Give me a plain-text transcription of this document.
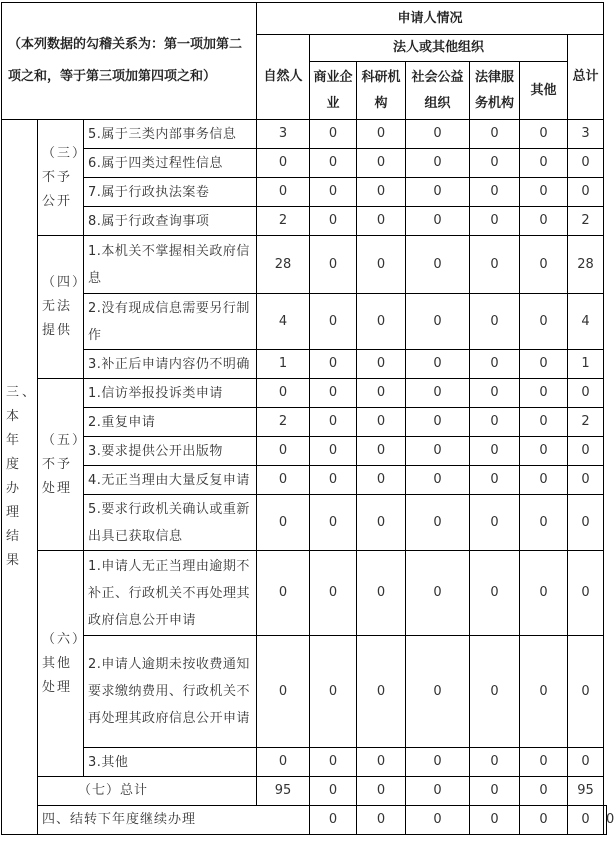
（本列数据的勾稽关系为：第一项加第二项之和，等于第三项加第四项之和）			申请人情况							
			自然人	法人或其他组织					总计	
				商业企业	科研机构	社会公益组织	法律服务机构	其他		
三、本年度办理结果	（三）不予公开	5.属于三类内部事务信息	3	0	0	0	0	0	3	
		6.属于四类过程性信息	0	0	0	0	0	0	0	
		7.属于行政执法案卷	0	0	0	0	0	0	0	
		8.属于行政查询事项	2	0	0	0	0	0	2	
	（四）无法提供	1.本机关不掌握相关政府信息	28	0	0	0	0	0	28	
		2.没有现成信息需要另行制作	4	0	0	0	0	0	4	
		3.补正后申请内容仍不明确	1	0	0	0	0	0	1	
	（五）不予处理	1.信访举报投诉类申请	0	0	0	0	0	0	0	
		2.重复申请	2	0	0	0	0	0	2	
		3.要求提供公开出版物	0	0	0	0	0	0	0	
		4.无正当理由大量反复申请	0	0	0	0	0	0	0	
		5.要求行政机关确认或重新出具已获取信息	0	0	0	0	0	0	0	
	（六）其他处理	1.申请人无正当理由逾期不补正、行政机关不再处理其政府信息公开申请	0	0	0	0	0	0	0	
		2.申请人逾期未按收费通知要求缴纳费用、行政机关不再处理其政府信息公开申请	0	0	0	0	0	0	0	
		3.其他	0	0	0	0	0	0	0	
	（七）总计		95	0	0	0	0	0	95	
	四、结转下年度继续办理			0	0	0	0	0	0	0
